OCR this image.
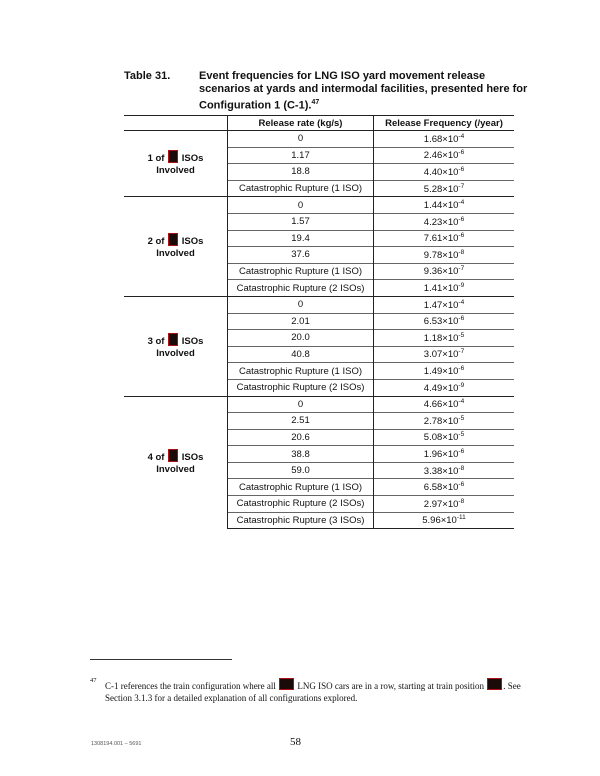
Table 31.	Event frequencies for LNG ISO yard movement release scenarios at yards and intermodal facilities, presented here for Configuration 1 (C-1).$^{47}$
	Release rate (kg/s)	Release Frequency (/year)
1 of ISOs
Involved	0	$1.68\times 10^{-4}$
	1.17	$2.46\times 10^{-6}$
	18.8	$4.40\times 10^{-6}$
	Catastrophic Rupture (1 ISO)	$5.28\times 10^{-7}$
2 of ISOs
Involved	0	$1.44\times 10^{-4}$
	1.57	$4.23\times 10^{-6}$
	19.4	$7.61\times 10^{-6}$
	37.6	$9.78\times 10^{-8}$
	Catastrophic Rupture (1 ISO)	$9.36\times 10^{-7}$
	Catastrophic Rupture (2 ISOs)	$1.41\times 10^{-9}$
3 of ISOs
Involved	0	$1.47\times 10^{-4}$
	2.01	$6.53\times 10^{-6}$
	20.0	$1.18\times 10^{-5}$
	40.8	$3.07\times 10^{-7}$
	Catastrophic Rupture (1 ISO)	$1.49\times 10^{-6}$
	Catastrophic Rupture (2 ISOs)	$4.49\times 10^{-9}$
4 of ISOs
Involved	0	$4.66\times 10^{-4}$
	2.51	$2.78\times 10^{-5}$
	20.6	$5.08\times 10^{-5}$
	38.8	$1.96\times 10^{-6}$
	59.0	$3.38\times 10^{-8}$
	Catastrophic Rupture (1 ISO)	$6.58\times 10^{-6}$
	Catastrophic Rupture (2 ISOs)	$2.97\times 10^{-8}$
	Catastrophic Rupture (3 ISOs)	$5.96\times 10^{-11}$
47
C-1 references the train configuration where all LNG ISO cars are in a row, starting at train position . See Section 3.1.3 for a detailed explanation of all configurations explored.
1308194.001 – 5691	58
